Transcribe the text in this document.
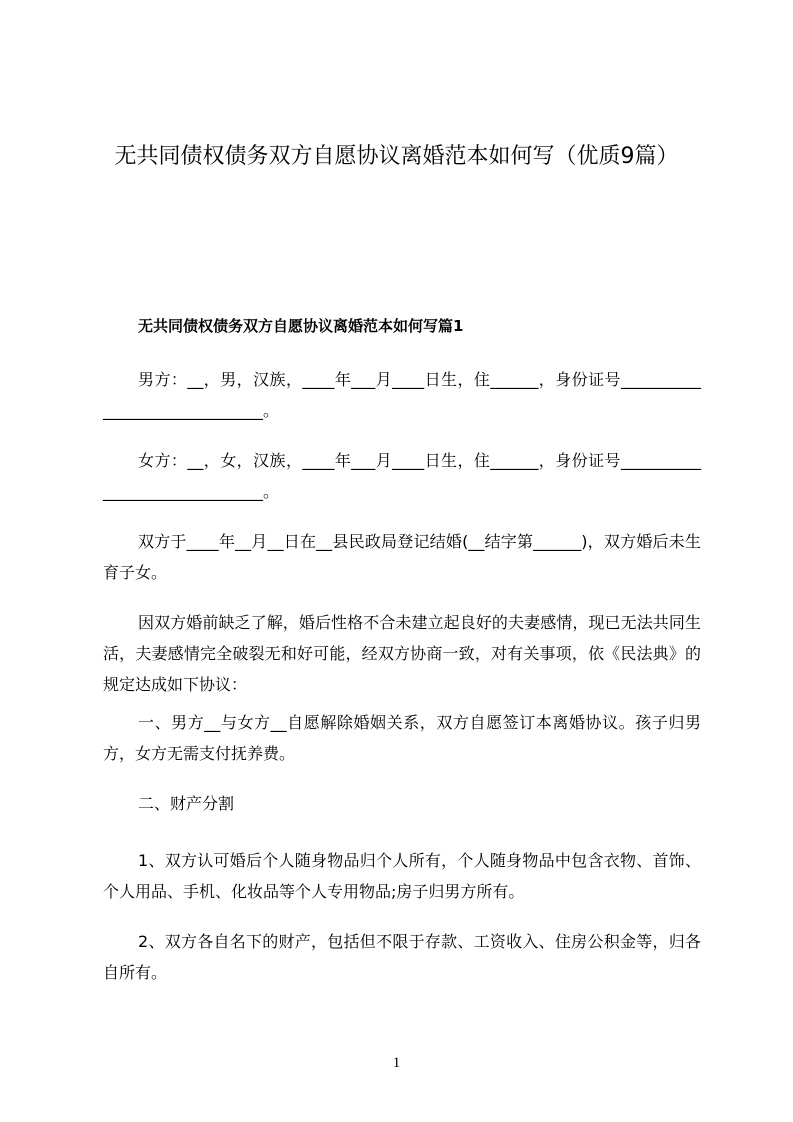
无共同债权债务双方自愿协议离婚范本如何写（优质9篇）
无共同债权债务双方自愿协议离婚范本如何写篇1

男方：__，男，汉族，____年___月____日生，住______，身份证号__________ ____________________。

女方：__，女，汉族，____年___月____日生，住______，身份证号__________ ____________________。

双方于____年__月__日在__县民政局登记结婚(__结字第______)，双方婚后未生育子女。

因双方婚前缺乏了解，婚后性格不合未建立起良好的夫妻感情，现已无法共同生活，夫妻感情完全破裂无和好可能，经双方协商一致，对有关事项，依《民法典》的规定达成如下协议：

一、男方__与女方__自愿解除婚姻关系，双方自愿签订本离婚协议。孩子归男方，女方无需支付抚养费。

二、财产分割

1、双方认可婚后个人随身物品归个人所有，个人随身物品中包含衣物、首饰、个人用品、手机、化妆品等个人专用物品;房子归男方所有。

2、双方各自名下的财产，包括但不限于存款、工资收入、住房公积金等，归各自所有。

1
